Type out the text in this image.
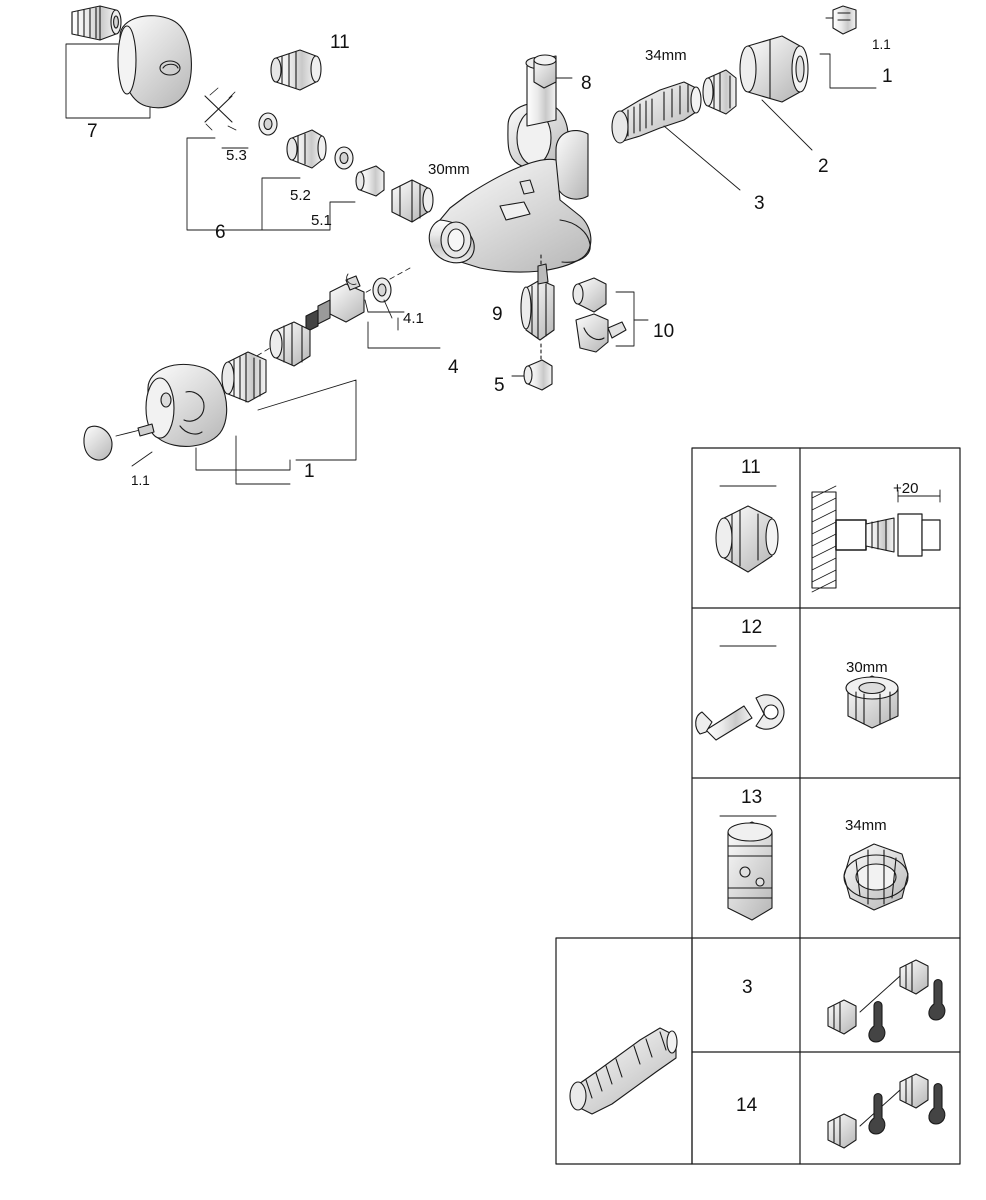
11
1
1.1
34mm
8
2
3
7
5.3
5.2
5.1
30mm
6
4.1
4
9
10
5
1
1.1
11
+20
12
30mm
13
34mm
3
14
